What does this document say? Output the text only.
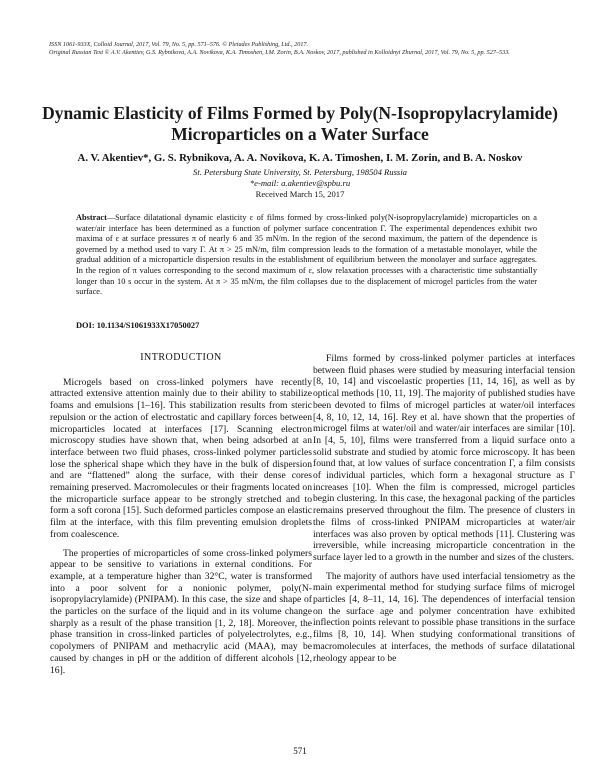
ISSN 1061-933X, Colloid Journal, 2017, Vol. 79, No. 5, pp. 571–576. © Pleiades Publishing, Ltd., 2017.
Original Russian Text © A.V. Akentiev, G.S. Rybnikova, A.A. Novikova, K.A. Timoshen, I.M. Zorin, B.A. Noskov, 2017, published in Kolloidnyi Zhurnal, 2017, Vol. 79, No. 5, pp. 527–533.
Dynamic Elasticity of Films Formed by Poly(N-Isopropylacrylamide)
Microparticles on a Water Surface
A. V. Akentiev*, G. S. Rybnikova, A. A. Novikova, K. A. Timoshen, I. M. Zorin, and B. A. Noskov
St. Petersburg State University, St. Petersburg, 198504 Russia
*e-mail: a.akentiev@spbu.ru
Received March 15, 2017
Abstract—Surface dilatational dynamic elasticity ε of films formed by cross-linked poly(N-isopropylacrylamide) microparticles on a water/air interface has been determined as a function of polymer surface concentration Γ. The experimental dependences exhibit two maxima of ε at surface pressures π of nearly 6 and 35 mN/m. In the region of the second maximum, the pattern of the dependence is governed by a method used to vary Γ. At π > 25 mN/m, film compression leads to the formation of a metastable monolayer, while the gradual addition of a microparticle dispersion results in the establishment of equilibrium between the monolayer and surface aggregates. In the region of π values corresponding to the second maximum of ε, slow relaxation processes with a characteristic time substantially longer than 10 s occur in the system. At π > 35 mN/m, the film collapses due to the displacement of microgel particles from the water surface.
DOI: 10.1134/S1061933X17050027
INTRODUCTION

Microgels based on cross-linked polymers have recently attracted extensive attention mainly due to their ability to stabilize foams and emulsions [1–16]. This stabilization results from steric repulsion or the action of electrostatic and capillary forces between microparticles located at interfaces [17]. Scanning electron microscopy studies have shown that, when being adsorbed at an interface between two fluid phases, cross-linked polymer particles lose the spherical shape which they have in the bulk of dispersion and are “flattened” along the surface, with their dense cores remaining preserved. Macromolecules or their fragments located on the microparticle surface appear to be strongly stretched and to form a soft corona [15]. Such deformed particles compose an elastic film at the interface, with this film preventing emulsion droplets from coalescence.

The properties of microparticles of some cross-linked polymers appear to be sensitive to variations in external conditions. For example, at a temperature higher than 32°C, water is transformed into a poor solvent for a nonionic polymer, poly(N-isopropylacrylamide) (PNIPAM). In this case, the size and shape of the particles on the surface of the liquid and in its volume change sharply as a result of the phase transition [1, 2, 18]. Moreover, the phase transition in cross-linked particles of polyelectrolytes, e.g., copolymers of PNIPAM and methacrylic acid (MAA), may be caused by changes in pH or the addition of different alcohols [12, 16].

Films formed by cross-linked polymer particles at interfaces between fluid phases were studied by measuring interfacial tension [8, 10, 14] and viscoelastic properties [11, 14, 16], as well as by optical methods [10, 11, 19]. The majority of published studies have been devoted to films of microgel particles at water/oil interfaces [4, 8, 10, 12, 14, 16]. Rey et al. have shown that the properties of microgel films at water/oil and water/air interfaces are similar [10]. In [4, 5, 10], films were transferred from a liquid surface onto a solid substrate and studied by atomic force microscopy. It has been found that, at low values of surface concentration Γ, a film consists of individual particles, which form a hexagonal structure as Γ increases [10]. When the film is compressed, microgel particles begin clustering. In this case, the hexagonal packing of the particles remains preserved throughout the film. The presence of clusters in the films of cross-linked PNIPAM microparticles at water/air interfaces was also proven by optical methods [11]. Clustering was irreversible, while increasing microparticle concentration in the surface layer led to a growth in the number and sizes of the clusters.

The majority of authors have used interfacial tensiometry as the main experimental method for studying surface films of microgel particles [4, 8–11, 14, 16]. The dependences of interfacial tension on the surface age and polymer concentration have exhibited inflection points relevant to possible phase transitions in the surface films [8, 10, 14]. When studying conformational transitions of macromolecules at interfaces, the methods of surface dilatational rheology appear to be

571
